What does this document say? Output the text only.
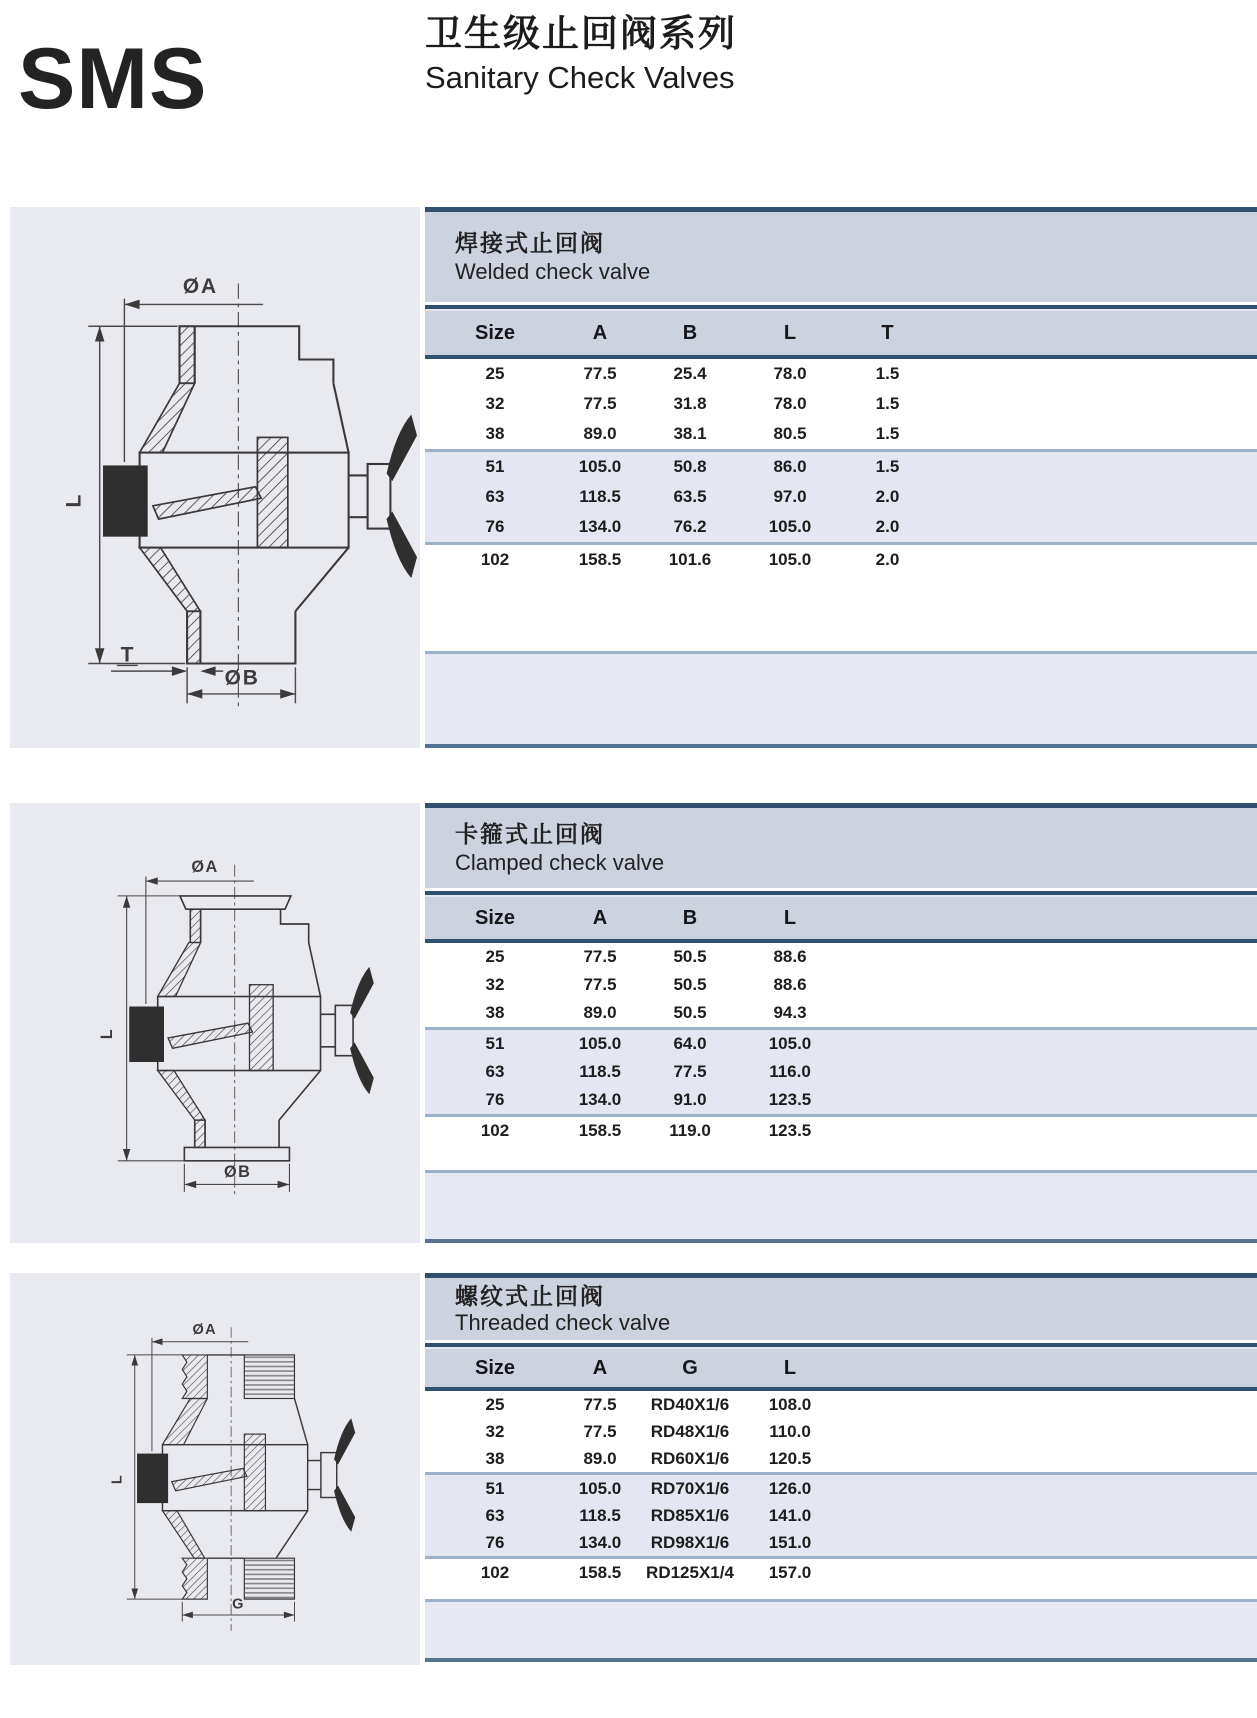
SMS	卫生级止回阀系列
Sanitary Check Valves
ØA
L
T
ØB
焊接式止回阀
Welded check valve
Size	A	B	L	T
25	77.5	25.4	78.0	1.5
32	77.5	31.8	78.0	1.5
38	89.0	38.1	80.5	1.5
51	105.0	50.8	86.0	1.5
63	118.5	63.5	97.0	2.0
76	134.0	76.2	105.0	2.0
102	158.5	101.6	105.0	2.0
ØA
L
ØB
卡箍式止回阀
Clamped check valve
Size	A	B	L
25	77.5	50.5	88.6
32	77.5	50.5	88.6
38	89.0	50.5	94.3
51	105.0	64.0	105.0
63	118.5	77.5	116.0
76	134.0	91.0	123.5
102	158.5	119.0	123.5
ØA
L
G
螺纹式止回阀
Threaded check valve
Size	A	G	L
25	77.5	RD40X1/6	108.0
32	77.5	RD48X1/6	110.0
38	89.0	RD60X1/6	120.5
51	105.0	RD70X1/6	126.0
63	118.5	RD85X1/6	141.0
76	134.0	RD98X1/6	151.0
102	158.5	RD125X1/4	157.0
